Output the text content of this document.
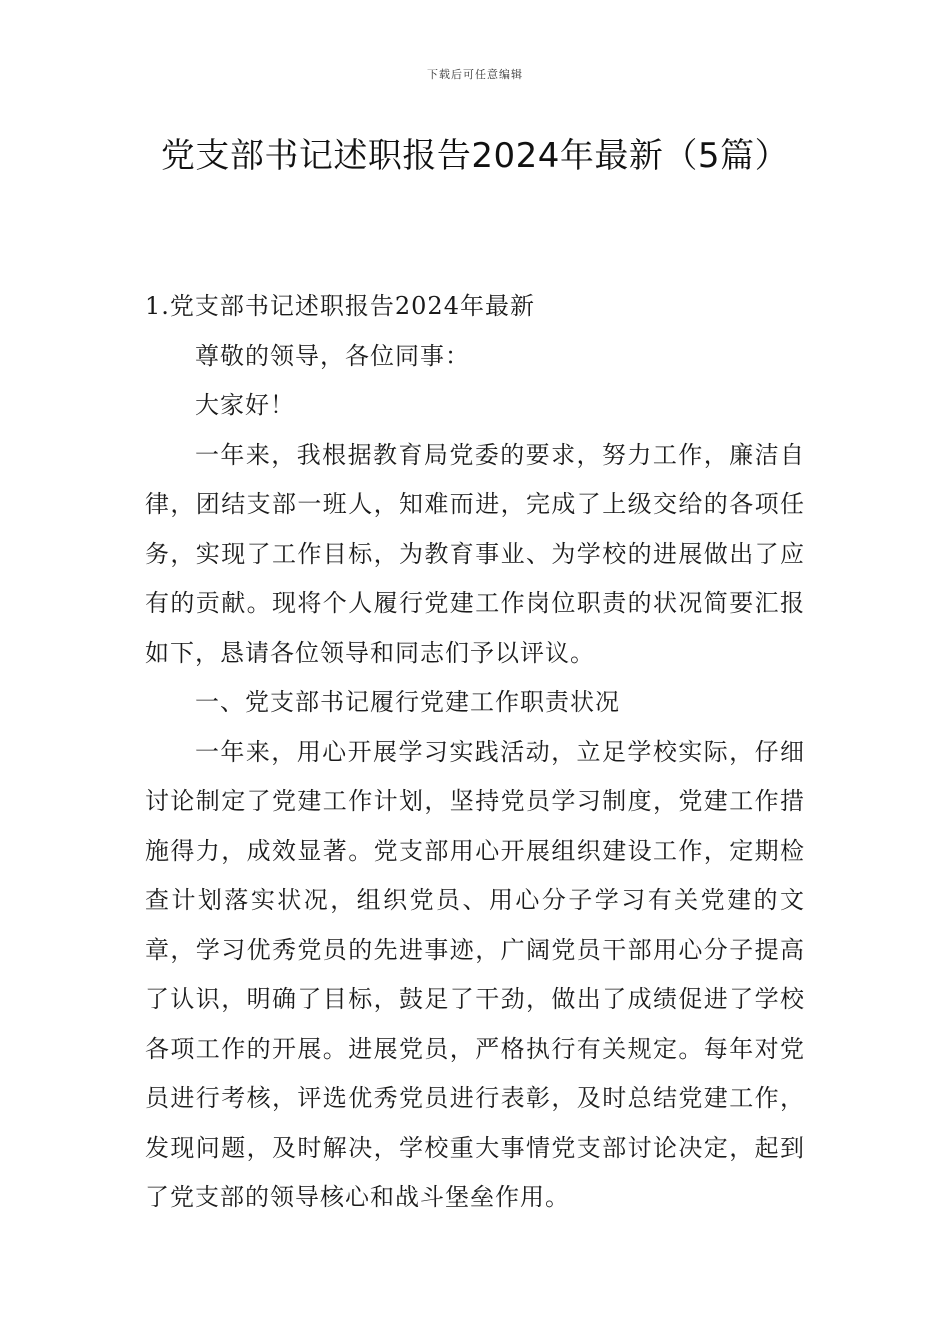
下载后可任意编辑
党支部书记述职报告2024年最新（5篇）

1.党支部书记述职报告2024年最新

尊敬的领导，各位同事：

大家好！

一年来，我根据教育局党委的要求，努力工作，廉洁自律，团结支部一班人，知难而进，完成了上级交给的各项任务，实现了工作目标，为教育事业、为学校的进展做出了应有的贡献。现将个人履行党建工作岗位职责的状况简要汇报如下，恳请各位领导和同志们予以评议。

一、党支部书记履行党建工作职责状况

一年来，用心开展学习实践活动，立足学校实际，仔细讨论制定了党建工作计划，坚持党员学习制度，党建工作措施得力，成效显著。党支部用心开展组织建设工作，定期检查计划落实状况，组织党员、用心分子学习有关党建的文章，学习优秀党员的先进事迹，广阔党员干部用心分子提高了认识，明确了目标，鼓足了干劲，做出了成绩促进了学校各项工作的开展。进展党员，严格执行有关规定。每年对党员进行考核，评选优秀党员进行表彰，及时总结党建工作，发现问题，及时解决，学校重大事情党支部讨论决定，起到了党支部的领导核心和战斗堡垒作用。
